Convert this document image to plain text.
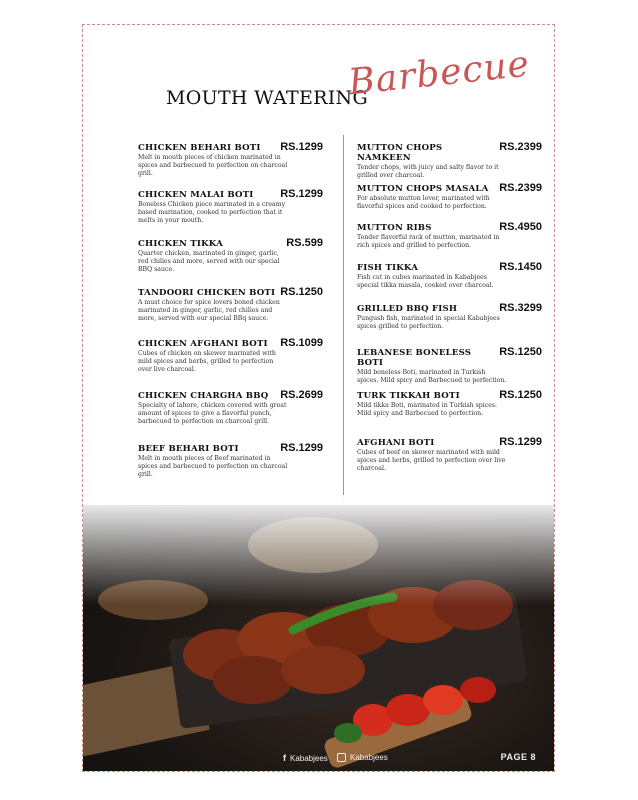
MOUTH WATERING
Barbecue
CHICKEN BEHARI BOTI RS.1299
Melt in mouth pieces of chicken marinated in spices and barbecued to perfection on charcoal grill.
CHICKEN MALAI BOTI RS.1299
Boneless Chicken piece marinated in a creamy based marination, cooked to perfection that it melts in your mouth.
CHICKEN TIKKA	RS.599
Quarter chicken, marinated in ginger, garlic, red chilies and more, served with our special BBQ sauce.
TANDOORI CHICKEN BOTI RS.1250
A must choice for spice lovers boned chicken marinated in ginger, garlic, red chilies and more, served with our special BBq sauce.
CHICKEN AFGHANI BOTI RS.1099
Cubes of chicken on skewer marinated with mild spices and herbs, grilled to perfection over live charcoal.
CHICKEN CHARGHA BBQ RS.2699
Specialty of lahore, chicken covered with great amount of spices to give a flavorful punch, barbecued to perfection on charcoal grill.
BEEF BEHARI BOTI	RS.1299
Melt in mouth pieces of Beef marinated in spices and barbecued to perfection on charcoal grill.
MUTTON CHOPS NAMKEEN
RS.2399
Tender chops, with juicy and salty flavor to it grilled over charcoal.
MUTTON CHOPS MASALA RS.2399
For absolute mutton lover, marinated with flavorful spices and cooked to perfection.
MUTTON RIBS	RS.4950
Tender flavorful rack of mutton, marinated in rich spices and grilled to perfection.
FISH TIKKA	RS.1450
Fish cut in cubes marinated in Kababjees special tikka masala, cooked over charcoal.
GRILLED BBQ FISH	RS.3299
Pungush fish, marinated in special Kababjees spices grilled to perfection.
LEBANESE BONELESS BOTI
RS.1250
Mild boneless Boti, marinated in Turkish spices. Mild spicy and Barbecued to perfection.
TURK TIKKAH BOTI	RS.1250
Mild tikka Boti, marinated in Turkish spices. Mild spicy and Barbecued to perfection.
AFGHANI BOTI	RS.1299
Cubes of beef on skewer marinated with mild spices and herbs, grilled to perfection over live charcoal.
f Kababjees	Kababjees	PAGE 8
